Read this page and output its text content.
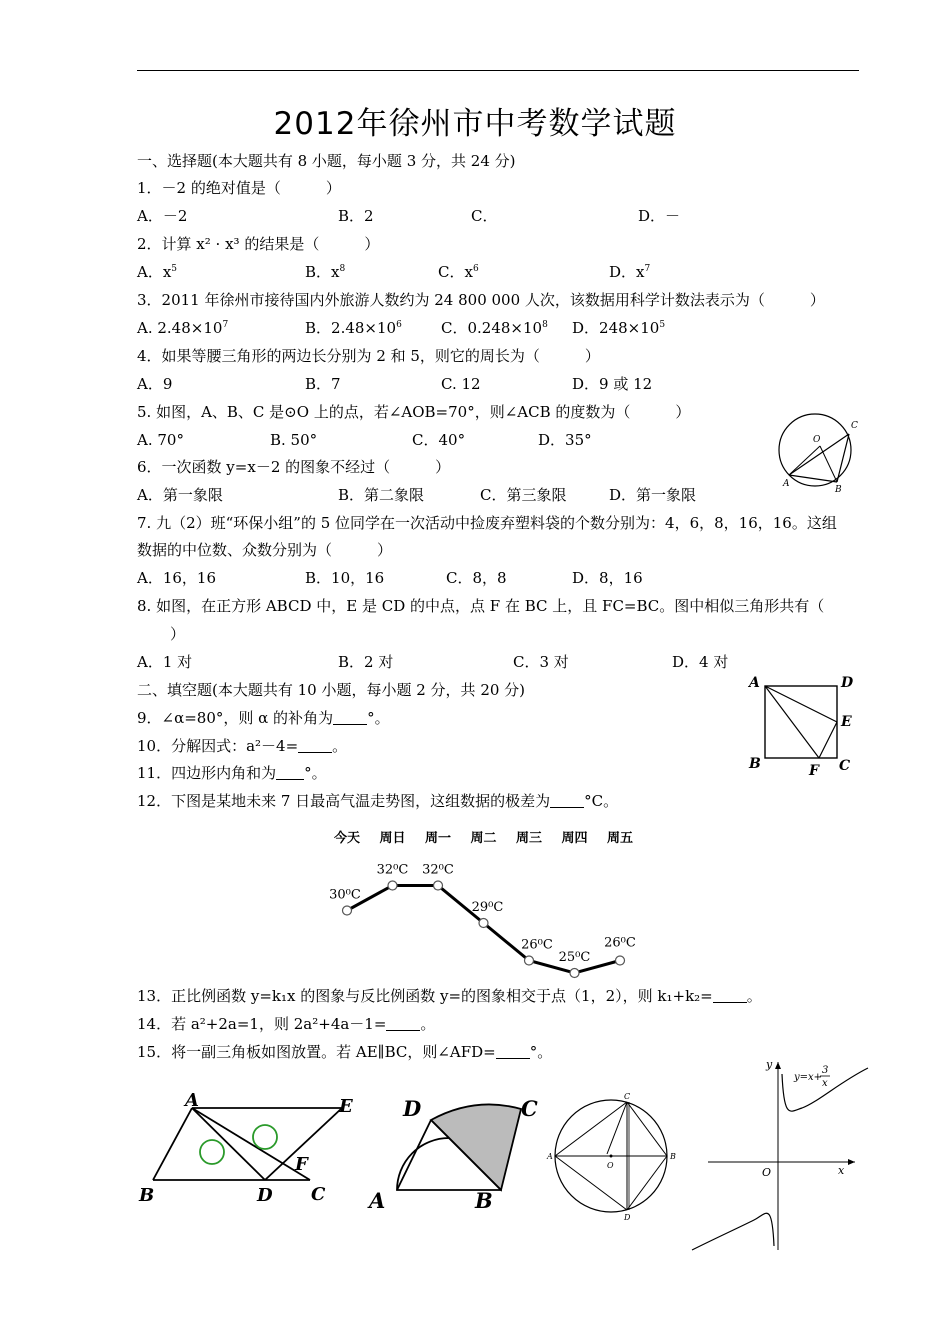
2012年徐州市中考数学试题
一、选择题(本大题共有 8 小题，每小题 3 分，共 24 分)
1．－2 的绝对值是（　　　）
A．－2	B．2	C．	D．－
2．计算 x² · x³ 的结果是（　　　）
A．$x^5$	B．$x^8$	C．$x^6$	D．$x^7$
3．2011 年徐州市接待国内外旅游人数约为 24 800 000 人次，该数据用科学计数法表示为（　　　）
A. $2.48\times 10^7$	B．$2.48\times 10^6$	C．$0.248\times 10^8$ D．$248\times 10^5$
4．如果等腰三角形的两边长分别为 2 和 5，则它的周长为（　　　）
A．9	B．7	C. 12	D．9 或 12
5. 如图，A、B、C 是⊙O 上的点，若∠AOB=70°，则∠ACB 的度数为（　　　）
A. 70°	B. 50°	C．40°	D．35°	O
C
A
B
6．一次函数 y=x－2 的图象不经过（　　　）
A．第一象限	B．第二象限	C．第三象限	D．第一象限
7. 九（2）班“环保小组”的 5 位同学在一次活动中捡废弃塑料袋的个数分别为：4，6，8，16，16。这组
数据的中位数、众数分别为（　　　）
A．16，16	B．10，16	C．8，8	D．8，16
8. 如图，在正方形 ABCD 中，E 是 CD 的中点，点 F 在 BC 上，且 FC=BC。图中相似三角形共有（
）
A．1 对	B．2 对	C．3 对	D．4 对
A	D
E
B	F C
二、填空题(本大题共有 10 小题，每小题 2 分，共 20 分)
9．∠α=80°，则 α 的补角为 °。
10．分解因式：a²－4= 。
11．四边形内角和为 °。
12．下图是某地未来 7 日最高气温走势图，这组数据的极差为 °C。
今天 周日 周一 周二 周三 周四 周五
30⁰C
32⁰C 32⁰C
29⁰C
26⁰C
25⁰C
26⁰C
13．正比例函数 y=k₁x 的图象与反比例函数 y=的图象相交于点（1，2），则 k₁+k₂= 。
14．若 a²+2a=1，则 2a²+4a－1= 。
15．将一副三角板如图放置。若 AE∥BC，则∠AFD= °。
A	E
B	D
F
C
D	C
A	B
C
A
O
B
D
y
x
O
y=x+
3
x
